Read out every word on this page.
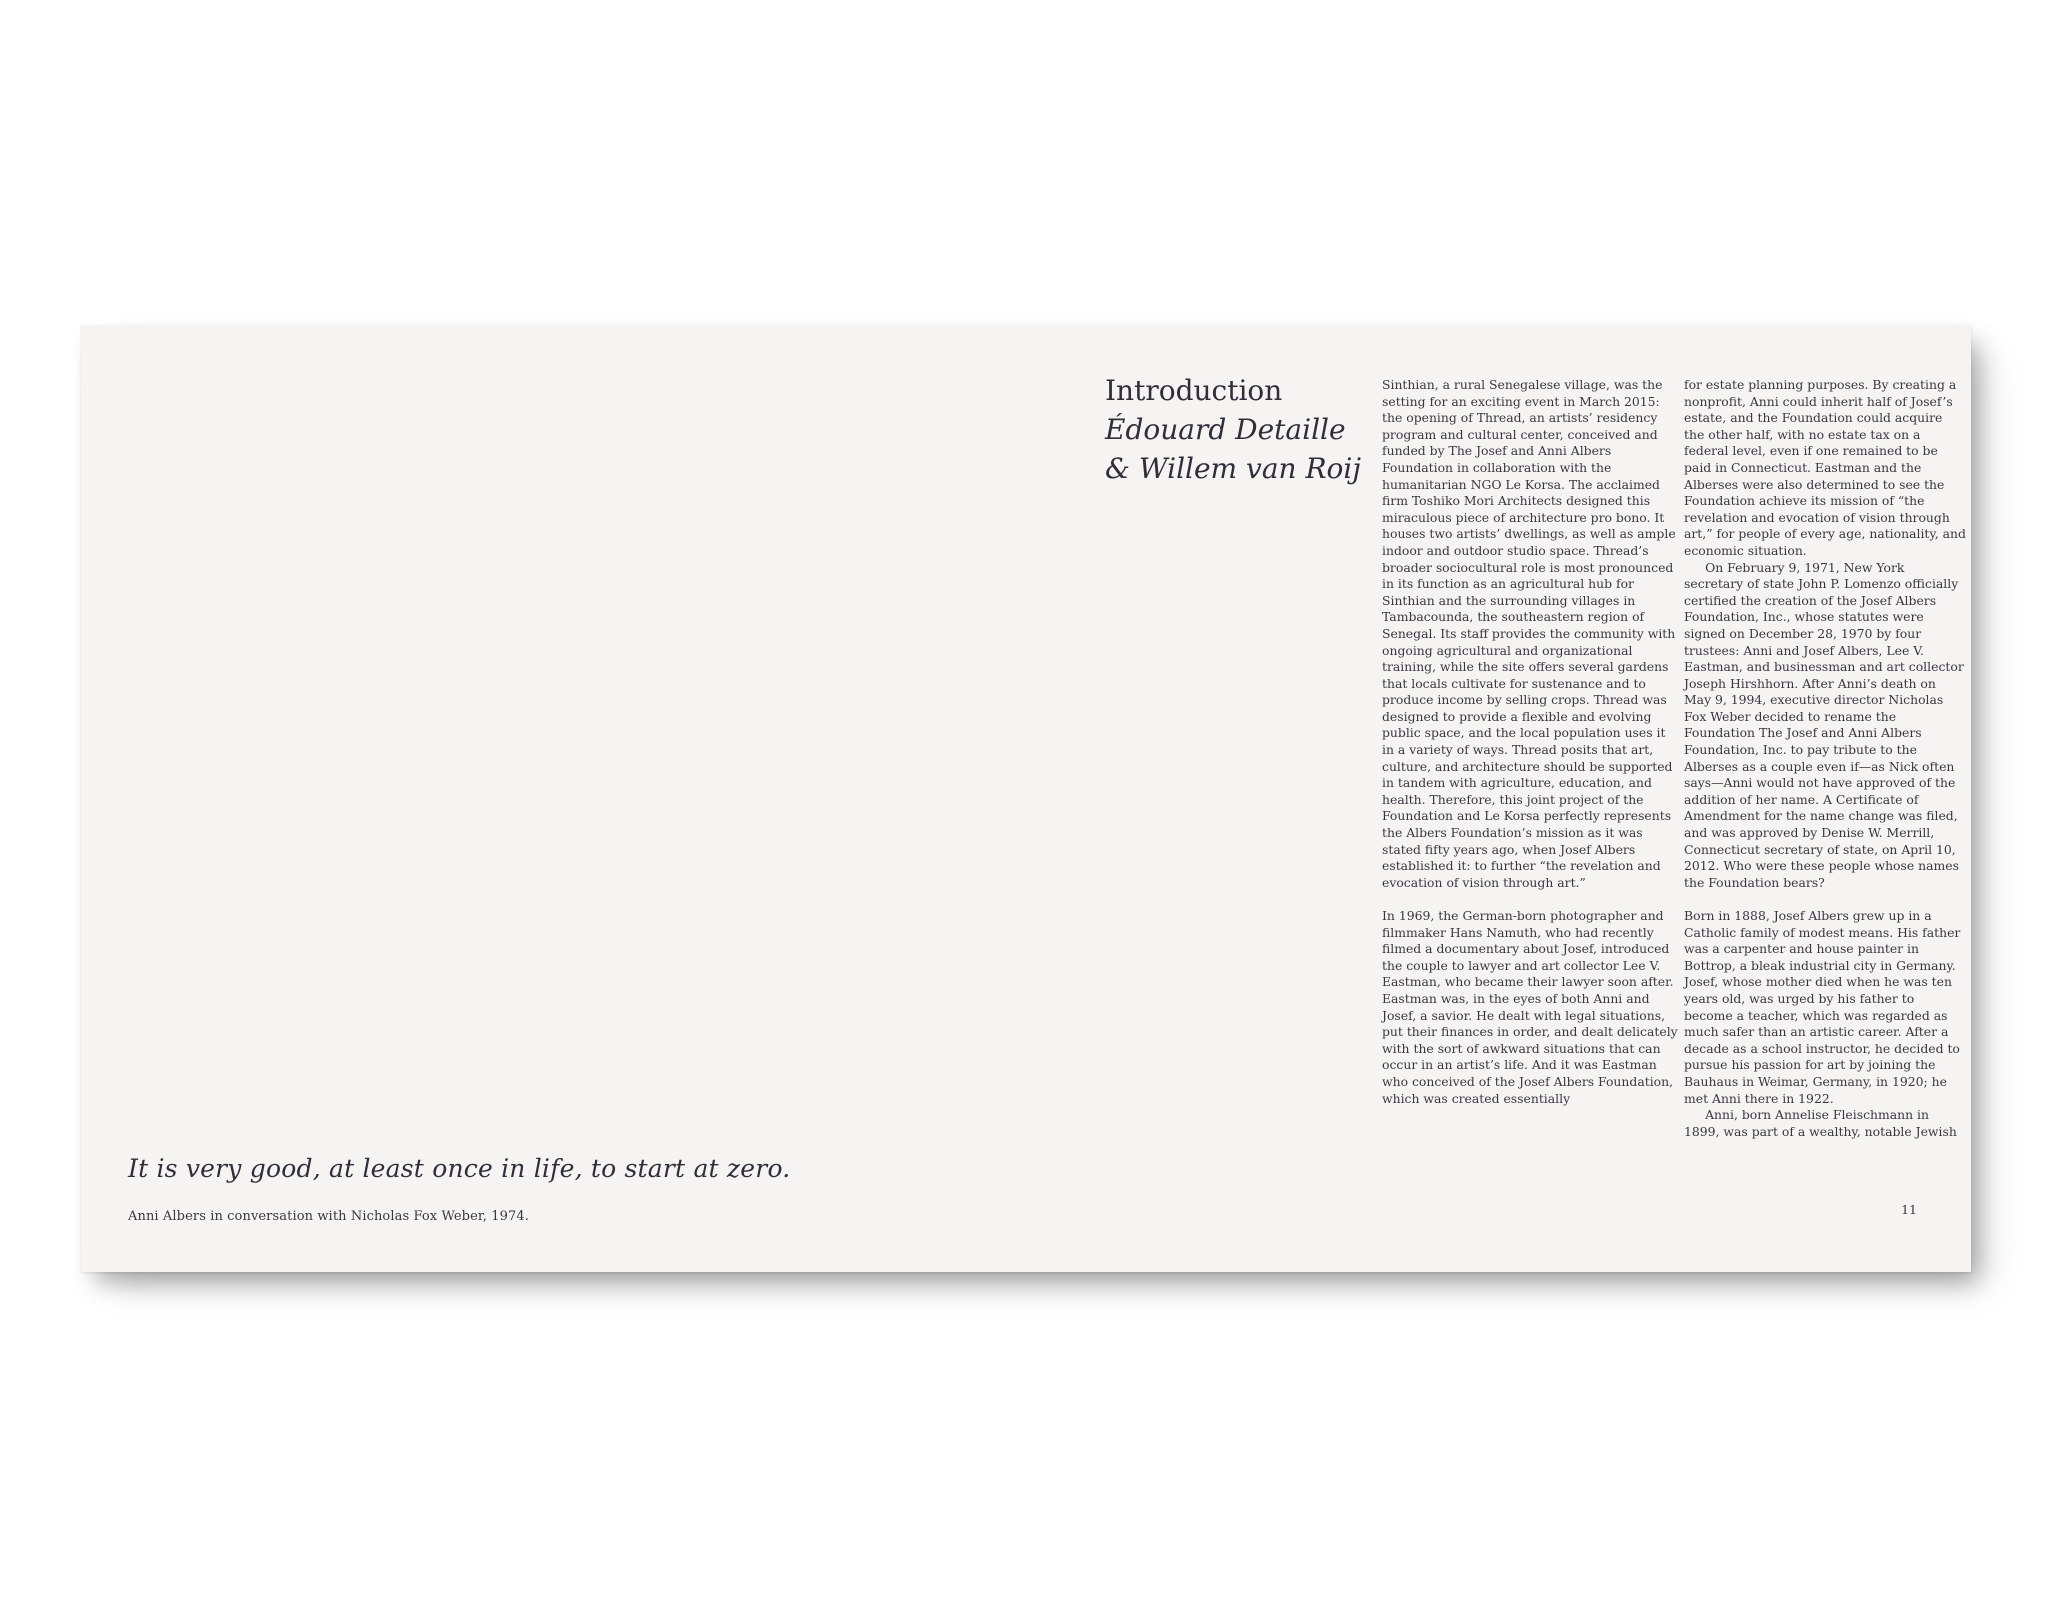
It is very good, at least once in life, to start at zero.
Anni Albers in conversation with Nicholas Fox Weber, 1974.
Introduction
Édouard Detaille
& Willem van Roij

Sinthian, a rural Senegalese village, was the setting for an exciting event in March 2015: the opening of Thread, an artists’ residency program and cultural center, conceived and funded by The Josef and Anni Albers Foundation in collaboration with the humanitarian NGO Le Korsa. The acclaimed firm Toshiko Mori Architects designed this miraculous piece of architecture pro bono. It houses two artists’ dwellings, as well as ample indoor and outdoor studio space. Thread’s broader sociocultural role is most pronounced in its function as an agricultural hub for Sinthian and the surrounding villages in Tambacounda, the southeastern region of Senegal. Its staff provides the community with ongoing agricultural and organizational training, while the site offers several gardens that locals cultivate for sustenance and to produce income by selling crops. Thread was designed to provide a flexible and evolving public space, and the local population uses it in a variety of ways. Thread posits that art, culture, and architecture should be supported in tandem with agriculture, education, and health. Therefore, this joint project of the Foundation and Le Korsa perfectly represents the Albers Foundation’s mission as it was stated fifty years ago, when Josef Albers established it: to further “the revelation and evocation of vision through art.”

In 1969, the German-born photographer and filmmaker Hans Namuth, who had recently filmed a documentary about Josef, introduced the couple to lawyer and art collector Lee V. Eastman, who became their lawyer soon after. Eastman was, in the eyes of both Anni and Josef, a savior. He dealt with legal situations, put their finances in order, and dealt delicately with the sort of awkward situations that can occur in an artist’s life. And it was Eastman who conceived of the Josef Albers Foundation, which was created essentially

for estate planning purposes. By creating a nonprofit, Anni could inherit half of Josef’s estate, and the Foundation could acquire the other half, with no estate tax on a federal level, even if one remained to be paid in Connecticut. Eastman and the Alberses were also determined to see the Foundation achieve its mission of “the revelation and evocation of vision through art,” for people of every age, nationality, and economic situation.

On February 9, 1971, New York secretary of state John P. Lomenzo officially certified the creation of the Josef Albers Foundation, Inc., whose statutes were signed on December 28, 1970 by four trustees: Anni and Josef Albers, Lee V. Eastman, and businessman and art collector Joseph Hirshhorn. After Anni’s death on May 9, 1994, executive director Nicholas Fox Weber decided to rename the Foundation The Josef and Anni Albers Foundation, Inc. to pay tribute to the Alberses as a couple even if—as Nick often says—Anni would not have approved of the addition of her name. A Certificate of Amendment for the name change was filed, and was approved by Denise W. Merrill, Connecticut secretary of state, on April 10, 2012. Who were these people whose names the Foundation bears?

Born in 1888, Josef Albers grew up in a Catholic family of modest means. His father was a carpenter and house painter in Bottrop, a bleak industrial city in Germany. Josef, whose mother died when he was ten years old, was urged by his father to become a teacher, which was regarded as much safer than an artistic career. After a decade as a school instructor, he decided to pursue his passion for art by joining the Bauhaus in Weimar, Germany, in 1920; he met Anni there in 1922.

Anni, born Annelise Fleischmann in 1899, was part of a wealthy, notable Jewish

11
